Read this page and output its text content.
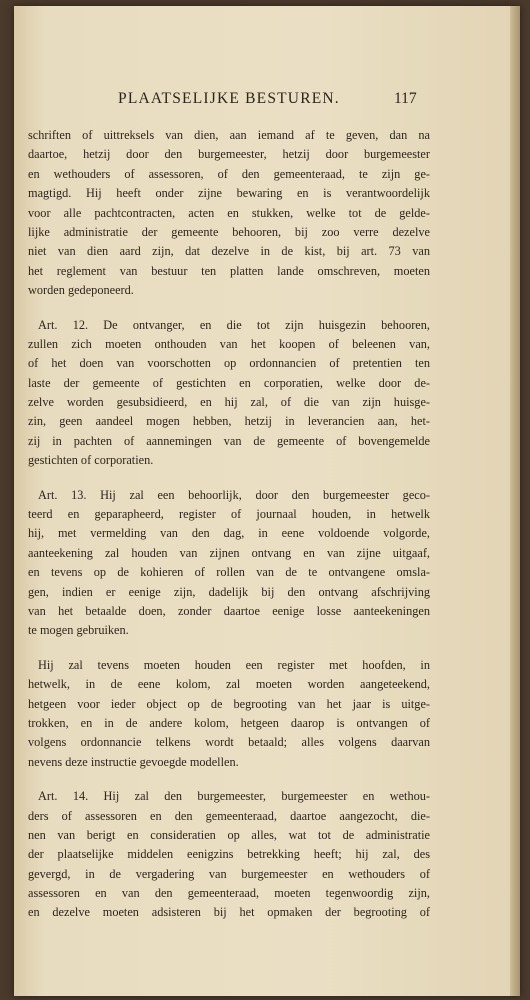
PLAATSELIJKE BESTUREN.	117
schriften of uittreksels van dien, aan iemand af te geven, dan na
daartoe, hetzij door den burgemeester, hetzij door burgemeester
en wethouders of assessoren, of den gemeenteraad, te zijn ge-
magtigd. Hij heeft onder zijne bewaring en is verantwoordelijk
voor alle pachtcontracten, acten en stukken, welke tot de gelde-
lijke administratie der gemeente behooren, bij zoo verre dezelve
niet van dien aard zijn, dat dezelve in de kist, bij art. 73 van
het reglement van bestuur ten platten lande omschreven, moeten
worden gedeponeerd.
Art. 12. De ontvanger, en die tot zijn huisgezin behooren,
zullen zich moeten onthouden van het koopen of beleenen van,
of het doen van voorschotten op ordonnancien of pretentien ten
laste der gemeente of gestichten en corporatien, welke door de-
zelve worden gesubsidieerd, en hij zal, of die van zijn huisge-
zin, geen aandeel mogen hebben, hetzij in leverancien aan, het-
zij in pachten of aannemingen van de gemeente of bovengemelde
gestichten of corporatien.
Art. 13. Hij zal een behoorlijk, door den burgemeester geco-
teerd en geparapheerd, register of journaal houden, in hetwelk
hij, met vermelding van den dag, in eene voldoende volgorde,
aanteekening zal houden van zijnen ontvang en van zijne uitgaaf,
en tevens op de kohieren of rollen van de te ontvangene omsla-
gen, indien er eenige zijn, dadelijk bij den ontvang afschrijving
van het betaalde doen, zonder daartoe eenige losse aanteekeningen
te mogen gebruiken.
Hij zal tevens moeten houden een register met hoofden, in
hetwelk, in de eene kolom, zal moeten worden aangeteekend,
hetgeen voor ieder object op de begrooting van het jaar is uitge-
trokken, en in de andere kolom, hetgeen daarop is ontvangen of
volgens ordonnancie telkens wordt betaald; alles volgens daarvan
nevens deze instructie gevoegde modellen.
Art. 14. Hij zal den burgemeester, burgemeester en wethou-
ders of assessoren en den gemeenteraad, daartoe aangezocht, die-
nen van berigt en consideratien op alles, wat tot de administratie
der plaatselijke middelen eenigzins betrekking heeft; hij zal, des
gevergd, in de vergadering van burgemeester en wethouders of
assessoren en van den gemeenteraad, moeten tegenwoordig zijn,
en dezelve moeten adsisteren bij het opmaken der begrooting of
